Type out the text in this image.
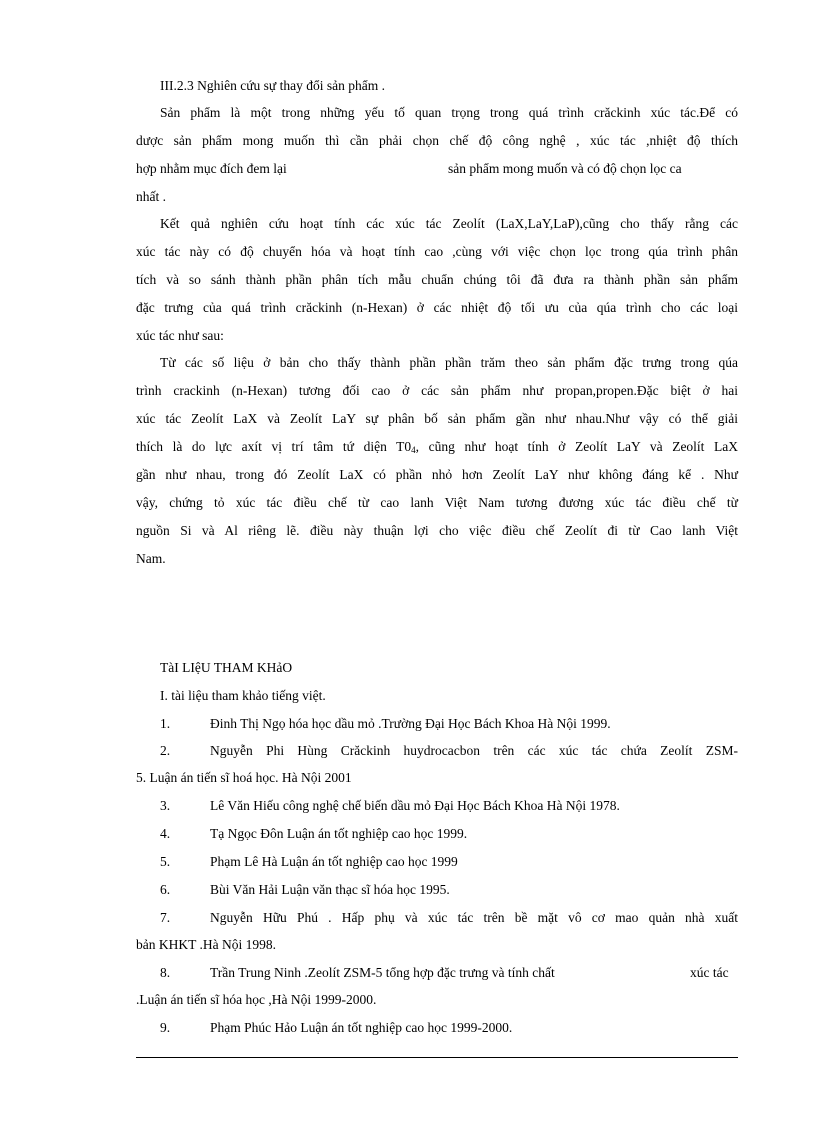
III.2.3 Nghiên cứu sự thay đổi sản phẩm .
Sản phẩm là một trong những yếu tố quan trọng trong quá trình crăckinh xúc tác.Để có
dược sản phẩm mong muốn thì cần phải chọn chế độ công nghệ , xúc tác ,nhiệt độ thích
hợp nhằm mục đích đem lại	sản phẩm mong muốn và có độ chọn lọc ca
nhất .
Kết quả nghiên cứu hoạt tính các xúc tác Zeolít (LaX,LaY,LaP),cũng cho thấy rằng các
xúc tác này có độ chuyển hóa và hoạt tính cao ,cùng với việc chọn lọc trong qúa trình phân
tích và so sánh thành phần phân tích mẫu chuẩn chúng tôi đã đưa ra thành phần sản phẩm
đặc trưng của quá trình crăckinh (n-Hexan) ở các nhiệt độ tối ưu của qúa trình cho các loại
xúc tác như sau:
Từ các số liệu ở bản cho thấy thành phần phần trăm theo sản phẩm đặc trưng trong qúa
trình crackinh (n-Hexan) tương đối cao ở các sản phẩm như propan,propen.Đặc biệt ở hai
xúc tác Zeolít LaX và Zeolít LaY sự phân bố sản phẩm gần như nhau.Như vậy có thể giải
thích là do lực axít vị trí tâm tứ diện $T0_4$, cũng như hoạt tính ở Zeolít LaY và Zeolít LaX
gần như nhau, trong đó Zeolít LaX có phần nhỏ hơn Zeolít LaY như không đáng kể . Như
vậy, chứng tỏ xúc tác điều chế từ cao lanh Việt Nam tương đương xúc tác điều chế từ
nguồn Si và Al riêng lẽ. điều này thuận lợi cho việc điều chế Zeolít đi từ Cao lanh Việt
Nam.
TàI LIệU THAM KHảO
I. tài liệu tham khảo tiếng việt.
1.	Đinh Thị Ngọ hóa học dầu mỏ .Trường Đại Học Bách Khoa Hà Nội 1999.
2.	Nguyễn Phi Hùng Crăckinh huydrocacbon trên các xúc tác chứa Zeolít ZSM-
5. Luận án tiến sĩ hoá học. Hà Nội 2001
3.	Lê Văn Hiếu công nghệ chế biến dầu mỏ Đại Học Bách Khoa Hà Nội 1978.
4.	Tạ Ngọc Đôn Luận án tốt nghiệp cao học 1999.
5.	Phạm Lê Hà Luận án tốt nghiệp cao học 1999
6.	Bùi Văn Hải Luận văn thạc sĩ hóa học 1995.
7.	Nguyễn Hữu Phú . Hấp phụ và xúc tác trên bề mặt vô cơ mao quản nhà xuất
bản KHKT .Hà Nội 1998.
8.	Trần Trung Ninh .Zeolít ZSM-5 tổng hợp đặc trưng và tính chất	xúc tác
.Luận án tiến sĩ hóa học ,Hà Nội 1999-2000.
9.	Phạm Phúc Hảo Luận án tốt nghiệp cao học 1999-2000.
